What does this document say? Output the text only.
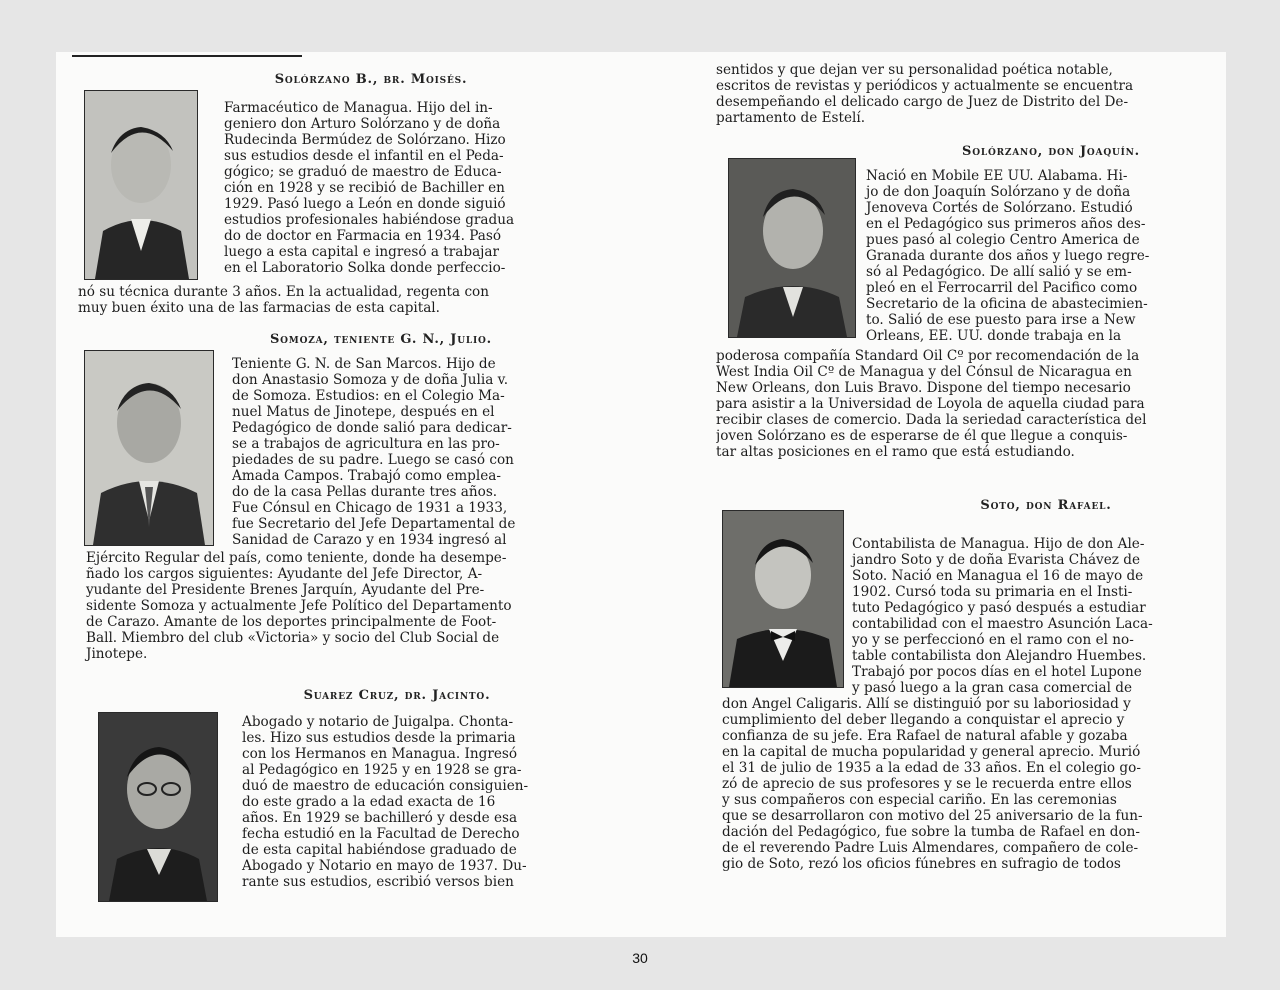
Solórzano B., br. Moisés.
Farmacéutico de Managua. Hijo del in-
geniero don Arturo Solórzano y de doña
Rudecinda Bermúdez de Solórzano. Hizo
sus estudios desde el infantil en el Peda-
gógico; se graduó de maestro de Educa-
ción en 1928 y se recibió de Bachiller en
1929. Pasó luego a León en donde siguió
estudios profesionales habiéndose gradua
do de doctor en Farmacia en 1934. Pasó
luego a esta capital e ingresó a trabajar
en el Laboratorio Solka donde perfeccio-
nó su técnica durante 3 años. En la actualidad, regenta con
muy buen éxito una de las farmacias de esta capital.
Somoza, teniente G. N., Julio.
Teniente G. N. de San Marcos. Hijo de
don Anastasio Somoza y de doña Julia v.
de Somoza. Estudios: en el Colegio Ma-
nuel Matus de Jinotepe, después en el
Pedagógico de donde salió para dedicar-
se a trabajos de agricultura en las pro-
piedades de su padre. Luego se casó con
Amada Campos. Trabajó como emplea-
do de la casa Pellas durante tres años.
Fue Cónsul en Chicago de 1931 a 1933,
fue Secretario del Jefe Departamental de
Sanidad de Carazo y en 1934 ingresó al
Ejército Regular del país, como teniente, donde ha desempe-
ñado los cargos siguientes: Ayudante del Jefe Director, A-
yudante del Presidente Brenes Jarquín, Ayudante del Pre-
sidente Somoza y actualmente Jefe Político del Departamento
de Carazo. Amante de los deportes principalmente de Foot-
Ball. Miembro del club «Victoria» y socio del Club Social de
Jinotepe.
Suarez Cruz, dr. Jacinto.
Abogado y notario de Juigalpa. Chonta-
les. Hizo sus estudios desde la primaria
con los Hermanos en Managua. Ingresó
al Pedagógico en 1925 y en 1928 se gra-
duó de maestro de educación consiguien-
do este grado a la edad exacta de 16
años. En 1929 se bachilleró y desde esa
fecha estudió en la Facultad de Derecho
de esta capital habiéndose graduado de
Abogado y Notario en mayo de 1937. Du-
rante sus estudios, escribió versos bien
sentidos y que dejan ver su personalidad poética notable,
escritos de revistas y periódicos y actualmente se encuentra
desempeñando el delicado cargo de Juez de Distrito del De-
partamento de Estelí.
Solórzano, don Joaquín.
Nació en Mobile EE UU. Alabama. Hi-
jo de don Joaquín Solórzano y de doña
Jenoveva Cortés de Solórzano. Estudió
en el Pedagógico sus primeros años des-
pues pasó al colegio Centro America de
Granada durante dos años y luego regre-
só al Pedagógico. De allí salió y se em-
pleó en el Ferrocarril del Pacifico como
Secretario de la oficina de abastecimien-
to. Salió de ese puesto para irse a New
Orleans, EE. UU. donde trabaja en la
poderosa compañía Standard Oil Cº por recomendación de la
West India Oil Cº de Managua y del Cónsul de Nicaragua en
New Orleans, don Luis Bravo. Dispone del tiempo necesario
para asistir a la Universidad de Loyola de aquella ciudad para
recibir clases de comercio. Dada la seriedad característica del
joven Solórzano es de esperarse de él que llegue a conquis-
tar altas posiciones en el ramo que está estudiando.
Soto, don Rafael.
Contabilista de Managua. Hijo de don Ale-
jandro Soto y de doña Evarista Chávez de
Soto. Nació en Managua el 16 de mayo de
1902. Cursó toda su primaria en el Insti-
tuto Pedagógico y pasó después a estudiar
contabilidad con el maestro Asunción Laca-
yo y se perfeccionó en el ramo con el no-
table contabilista don Alejandro Huembes.
Trabajó por pocos días en el hotel Lupone
y pasó luego a la gran casa comercial de
don Angel Caligaris. Allí se distinguió por su laboriosidad y
cumplimiento del deber llegando a conquistar el aprecio y
confianza de su jefe. Era Rafael de natural afable y gozaba
en la capital de mucha popularidad y general aprecio. Murió
el 31 de julio de 1935 a la edad de 33 años. En el colegio go-
zó de aprecio de sus profesores y se le recuerda entre ellos
y sus compañeros con especial cariño. En las ceremonias
que se desarrollaron con motivo del 25 aniversario de la fun-
dación del Pedagógico, fue sobre la tumba de Rafael en don-
de el reverendo Padre Luis Almendares, compañero de cole-
gio de Soto, rezó los oficios fúnebres en sufragio de todos
30
